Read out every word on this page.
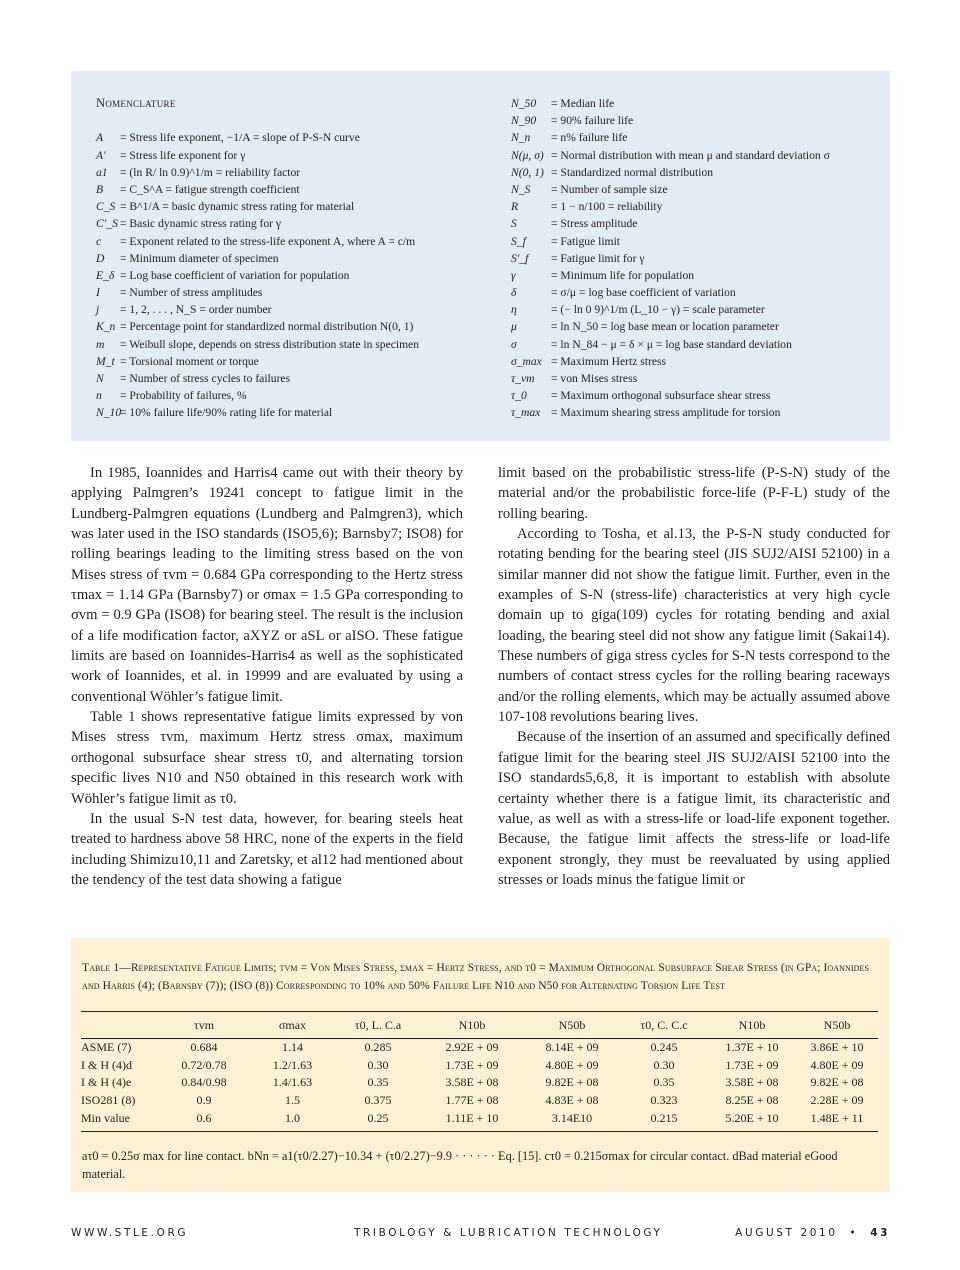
Nomenclature
A	= Stress life exponent, −1/A = slope of P-S-N curve
A′	= Stress life exponent for γ
a1	= (ln R/ ln 0.9)^1/m = reliability factor
B	= C_S^A = fatigue strength coefficient
C_S = B^1/A = basic dynamic stress rating for material
C′_S = Basic dynamic stress rating for γ
c	= Exponent related to the stress-life exponent A, where A = c/m
D	= Minimum diameter of specimen
E_δ = Log base coefficient of variation for population
I	= Number of stress amplitudes
j	= 1, 2, . . . , N_S = order number
K_n = Percentage point for standardized normal distribution N(0, 1)
m	= Weibull slope, depends on stress distribution state in specimen
M_t = Torsional moment or torque
N	= Number of stress cycles to failures
n	= Probability of failures, %
N_10
= 10% failure life/90% rating life for material
N_50	= Median life
N_90	= 90% failure life
N_n	= n% failure life
N(μ, σ) = Normal distribution with mean μ and standard deviation σ
N(0, 1) = Standardized normal distribution
N_S	= Number of sample size
R	= 1 − n/100 = reliability
S	= Stress amplitude
S_f	= Fatigue limit
S′_f	= Fatigue limit for γ
γ	= Minimum life for population
δ	= σ/μ = log base coefficient of variation
η	= (− ln 0 9)^1/m (L_10 − γ) = scale parameter
μ	= ln N_50 = log base mean or location parameter
σ	= ln N_84 − μ = δ × μ = log base standard deviation
σ_max = Maximum Hertz stress
τ_vm	= von Mises stress
τ_0	= Maximum orthogonal subsurface shear stress
τ_max = Maximum shearing stress amplitude for torsion

In 1985, Ioannides and Harris4 came out with their theory by applying Palmgren’s 19241 concept to fatigue limit in the Lundberg-Palmgren equations (Lundberg and Palmgren3), which was later used in the ISO standards (ISO5,6); Barnsby7; ISO8) for rolling bearings leading to the limiting stress based on the von Mises stress of τvm = 0.684 GPa corresponding to the Hertz stress τmax = 1.14 GPa (Barnsby7) or σmax = 1.5 GPa corresponding to σvm = 0.9 GPa (ISO8) for bearing steel. The result is the inclusion of a life modification factor, aXYZ or aSL or aISO. These fatigue limits are based on Ioannides-Harris4 as well as the sophisticated work of Ioannides, et al. in 19999 and are evaluated by using a conventional Wöhler’s fatigue limit.

Table 1 shows representative fatigue limits expressed by von Mises stress τvm, maximum Hertz stress σmax, maximum orthogonal subsurface shear stress τ0, and alternating torsion specific lives N10 and N50 obtained in this research work with Wöhler’s fatigue limit as τ0.

In the usual S-N test data, however, for bearing steels heat treated to hardness above 58 HRC, none of the experts in the field including Shimizu10,11 and Zaretsky, et al12 had mentioned about the tendency of the test data showing a fatigue

limit based on the probabilistic stress-life (P-S-N) study of the material and/or the probabilistic force-life (P-F-L) study of the rolling bearing.

According to Tosha, et al.13, the P-S-N study conducted for rotating bending for the bearing steel (JIS SUJ2/AISI 52100) in a similar manner did not show the fatigue limit. Further, even in the examples of S-N (stress-life) characteristics at very high cycle domain up to giga(109) cycles for rotating bending and axial loading, the bearing steel did not show any fatigue limit (Sakai14). These numbers of giga stress cycles for S-N tests correspond to the numbers of contact stress cycles for the rolling bearing raceways and/or the rolling elements, which may be actually assumed above 107-108 revolutions bearing lives.

Because of the insertion of an assumed and specifically defined fatigue limit for the bearing steel JIS SUJ2/AISI 52100 into the ISO standards5,6,8, it is important to establish with absolute certainty whether there is a fatigue limit, its characteristic and value, as well as with a stress-life or load-life exponent together. Because, the fatigue limit affects the stress-life or load-life exponent strongly, they must be reevaluated by using applied stresses or loads minus the fatigue limit or

Table 1—Representative Fatigue Limits; τvm = Von Mises Stress, σmax = Hertz Stress, and t0 = Maximum Orthogonal Subsurface Shear Stress (in GPa; Ioannides and Harris (4); (Barnsby (7)); (ISO (8)) Corresponding to 10% and 50% Failure Life N10 and N50 for Alternating Torsion Life Test
	τvm	σmax	τ0, L. C.a	N10b	N50b	τ0, C. C.c	N10b	N50b
ASME (7)	0.684	1.14	0.285	2.92E + 09	8.14E + 09	0.245	1.37E + 10	3.86E + 10
I & H (4)d	0.72/0.78	1.2/1.63	0.30	1.73E + 09	4.80E + 09	0.30	1.73E + 09	4.80E + 09
I & H (4)e	0.84/0.98	1.4/1.63	0.35	3.58E + 08	9.82E + 08	0.35	3.58E + 08	9.82E + 08
ISO281 (8)	0.9	1.5	0.375	1.77E + 08	4.83E + 08	0.323	8.25E + 08	2.28E + 09
Min value	0.6	1.0	0.25	1.11E + 10	3.14E10	0.215	5.20E + 10	1.48E + 11
aτ0 = 0.25σ max for line contact. bNn = a1(τ0/2.27)−10.34 + (τ0/2.27)−9.9 · · · · · · Eq. [15]. cτ0 = 0.215σmax for circular contact. dBad material eGood material.
WWW.STLE.ORG	TRIBOLOGY & LUBRICATION TECHNOLOGY	AUGUST 2010 • 43
